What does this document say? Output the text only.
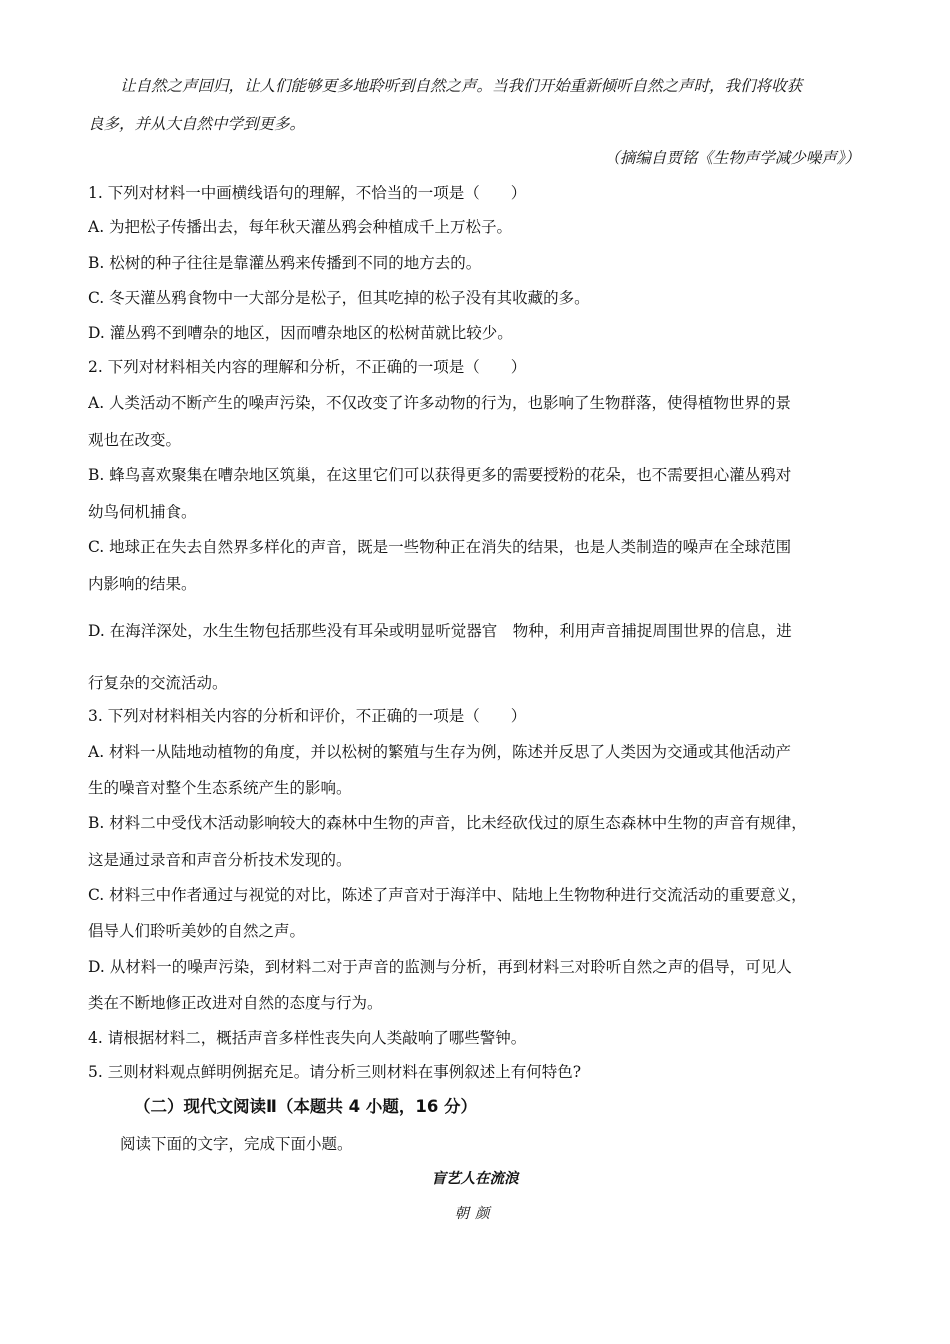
让自然之声回归，让人们能够更多地聆听到自然之声。当我们开始重新倾听自然之声时，我们将收获
良多，并从大自然中学到更多。
（摘编自贾铭《生物声学减少噪声》）
1. 下列对材料一中画横线语句的理解，不恰当的一项是（　　）
A. 为把松子传播出去，每年秋天灌丛鸦会种植成千上万松子。
B. 松树的种子往往是靠灌丛鸦来传播到不同的地方去的。
C. 冬天灌丛鸦食物中一大部分是松子，但其吃掉的松子没有其收藏的多。
D. 灌丛鸦不到嘈杂的地区，因而嘈杂地区的松树苗就比较少。
2. 下列对材料相关内容的理解和分析，不正确的一项是（　　）
A. 人类活动不断产生的噪声污染，不仅改变了许多动物的行为，也影响了生物群落，使得植物世界的景
观也在改变。
B. 蜂鸟喜欢聚集在嘈杂地区筑巢，在这里它们可以获得更多的需要授粉的花朵，也不需要担心灌丛鸦对
幼鸟伺机捕食。
C. 地球正在失去自然界多样化的声音，既是一些物种正在消失的结果，也是人类制造的噪声在全球范围
内影响的结果。
D. 在海洋深处，水生生物包括那些没有耳朵或明显听觉器官　物种，利用声音捕捉周围世界的信息，进
行复杂的交流活动。
3. 下列对材料相关内容的分析和评价，不正确的一项是（　　）
A. 材料一从陆地动植物的角度，并以松树的繁殖与生存为例，陈述并反思了人类因为交通或其他活动产
生的噪音对整个生态系统产生的影响。
B. 材料二中受伐木活动影响较大的森林中生物的声音，比未经砍伐过的原生态森林中生物的声音有规律，
这是通过录音和声音分析技术发现的。
C. 材料三中作者通过与视觉的对比，陈述了声音对于海洋中、陆地上生物物种进行交流活动的重要意义，
倡导人们聆听美妙的自然之声。
D. 从材料一的噪声污染，到材料二对于声音的监测与分析，再到材料三对聆听自然之声的倡导，可见人
类在不断地修正改进对自然的态度与行为。
4. 请根据材料二，概括声音多样性丧失向人类敲响了哪些警钟。
5. 三则材料观点鲜明例据充足。请分析三则材料在事例叙述上有何特色?
（二）现代文阅读Ⅱ（本题共 4 小题，16 分）
阅读下面的文字，完成下面小题。
盲艺人在流浪
朝颜
